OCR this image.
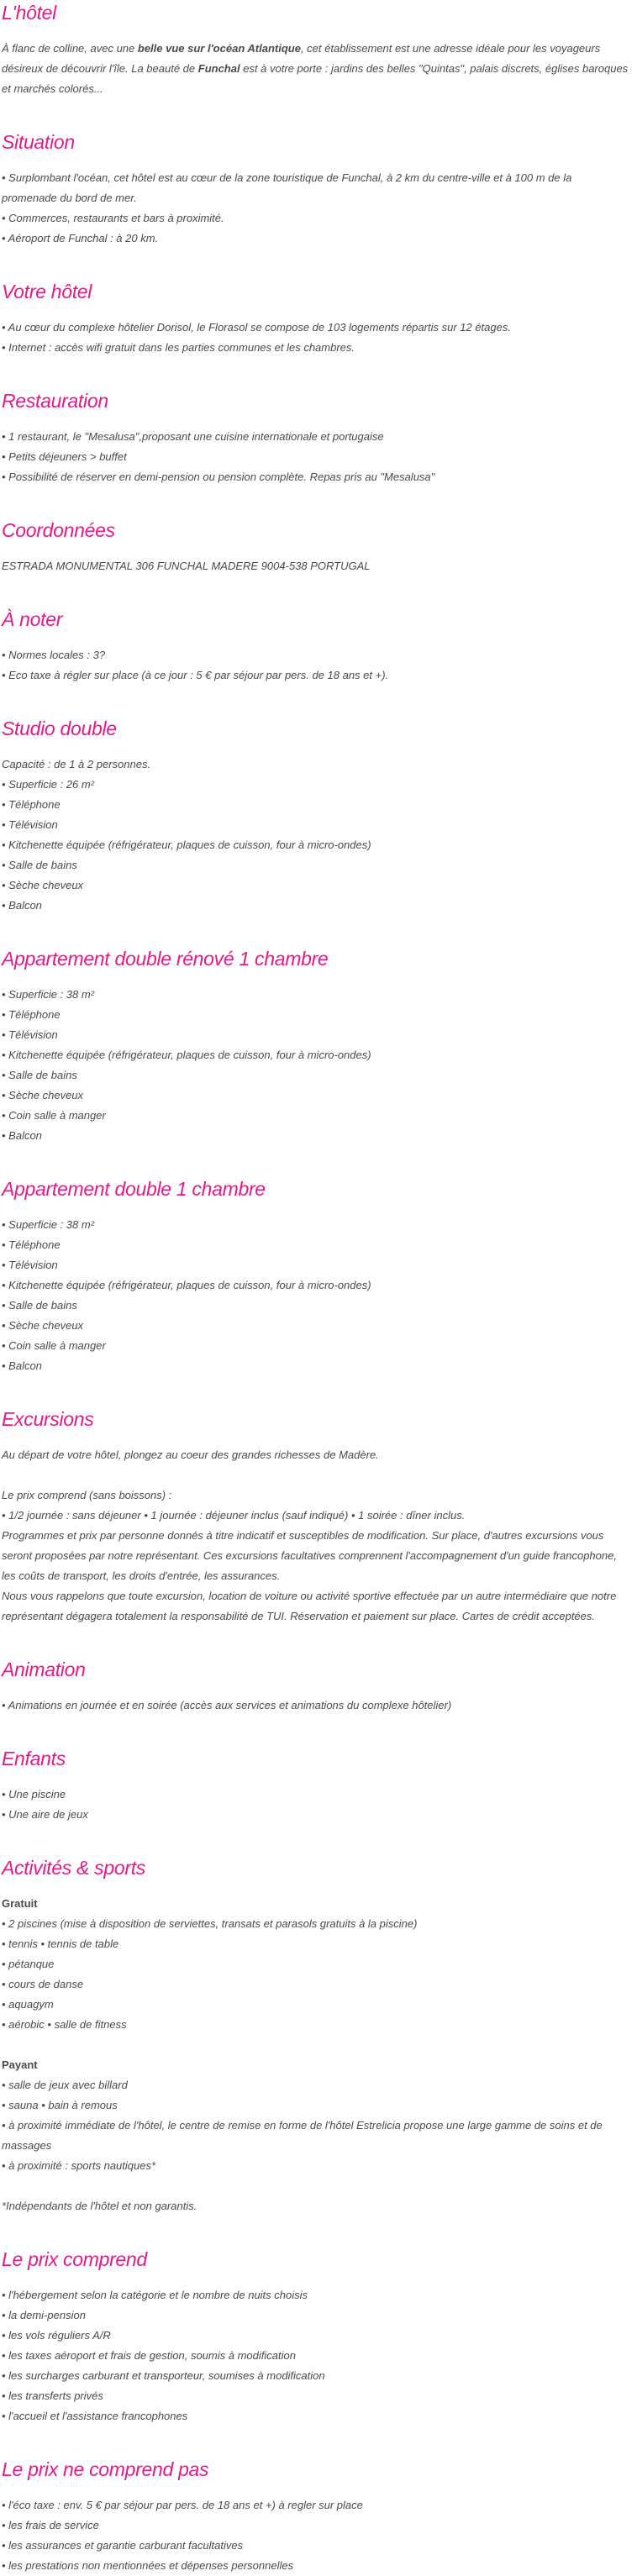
L'hôtel

À flanc de colline, avec une belle vue sur l'océan Atlantique, cet établissement est une adresse idéale pour les voyageurs désireux de découvrir l'île. La beauté de Funchal est à votre porte : jardins des belles "Quintas", palais discrets, églises baroques et marchés colorés...

Situation
• Surplombant l'océan, cet hôtel est au cœur de la zone touristique de Funchal, à 2 km du centre-ville et à 100 m de la promenade du bord de mer.
• Commerces, restaurants et bars à proximité.
• Aéroport de Funchal : à 20 km.
Votre hôtel
• Au cœur du complexe hôtelier Dorisol, le Florasol se compose de 103 logements répartis sur 12 étages.
• Internet : accès wifi gratuit dans les parties communes et les chambres.
Restauration
• 1 restaurant, le "Mesalusa",proposant une cuisine internationale et portugaise
• Petits déjeuners > buffet
• Possibilité de réserver en demi-pension ou pension complète. Repas pris au "Mesalusa"
Coordonnées
ESTRADA MONUMENTAL 306 FUNCHAL MADERE 9004-538 PORTUGAL
À noter
• Normes locales : 3?
• Eco taxe à régler sur place (à ce jour : 5 € par séjour par pers. de 18 ans et +).
Studio double
Capacité : de 1 à 2 personnes.
• Superficie : 26 m²
• Téléphone
• Télévision
• Kitchenette équipée (réfrigérateur, plaques de cuisson, four à micro-ondes)
• Salle de bains
• Sèche cheveux
• Balcon
Appartement double rénové 1 chambre
• Superficie : 38 m²
• Téléphone
• Télévision
• Kitchenette équipée (réfrigérateur, plaques de cuisson, four à micro-ondes)
• Salle de bains
• Sèche cheveux
• Coin salle à manger
• Balcon
Appartement double 1 chambre
• Superficie : 38 m²
• Téléphone
• Télévision
• Kitchenette équipée (réfrigérateur, plaques de cuisson, four à micro-ondes)
• Salle de bains
• Sèche cheveux
• Coin salle à manger
• Balcon
Excursions
Au départ de votre hôtel, plongez au coeur des grandes richesses de Madère.
Le prix comprend (sans boissons) :
• 1/2 journée : sans déjeuner • 1 journée : déjeuner inclus (sauf indiqué) • 1 soirée : dîner inclus.
Programmes et prix par personne donnés à titre indicatif et susceptibles de modification. Sur place, d'autres excursions vous seront proposées par notre représentant. Ces excursions facultatives comprennent l'accompagnement d'un guide francophone, les coûts de transport, les droits d'entrée, les assurances.
Nous vous rappelons que toute excursion, location de voiture ou activité sportive effectuée par un autre intermédiaire que notre représentant dégagera totalement la responsabilité de TUI. Réservation et paiement sur place. Cartes de crédit acceptées.
Animation
• Animations en journée et en soirée (accès aux services et animations du complexe hôtelier)
Enfants
• Une piscine
• Une aire de jeux
Activités & sports
Gratuit
• 2 piscines (mise à disposition de serviettes, transats et parasols gratuits à la piscine)
• tennis • tennis de table
• pétanque
• cours de danse
• aquagym
• aérobic • salle de fitness
Payant
• salle de jeux avec billard
• sauna • bain à remous
• à proximité immédiate de l'hôtel, le centre de remise en forme de l'hôtel Estrelicia propose une large gamme de soins et de massages
• à proximité : sports nautiques*
*Indépendants de l'hôtel et non garantis.
Le prix comprend
• l'hébergement selon la catégorie et le nombre de nuits choisis
• la demi-pension
• les vols réguliers A/R
• les taxes aéroport et frais de gestion, soumis à modification
• les surcharges carburant et transporteur, soumises à modification
• les transferts privés
• l'accueil et l'assistance francophones
Le prix ne comprend pas
• l'éco taxe : env. 5 € par séjour par pers. de 18 ans et +) à regler sur place
• les frais de service
• les assurances et garantie carburant facultatives
• les prestations non mentionnées et dépenses personnelles
